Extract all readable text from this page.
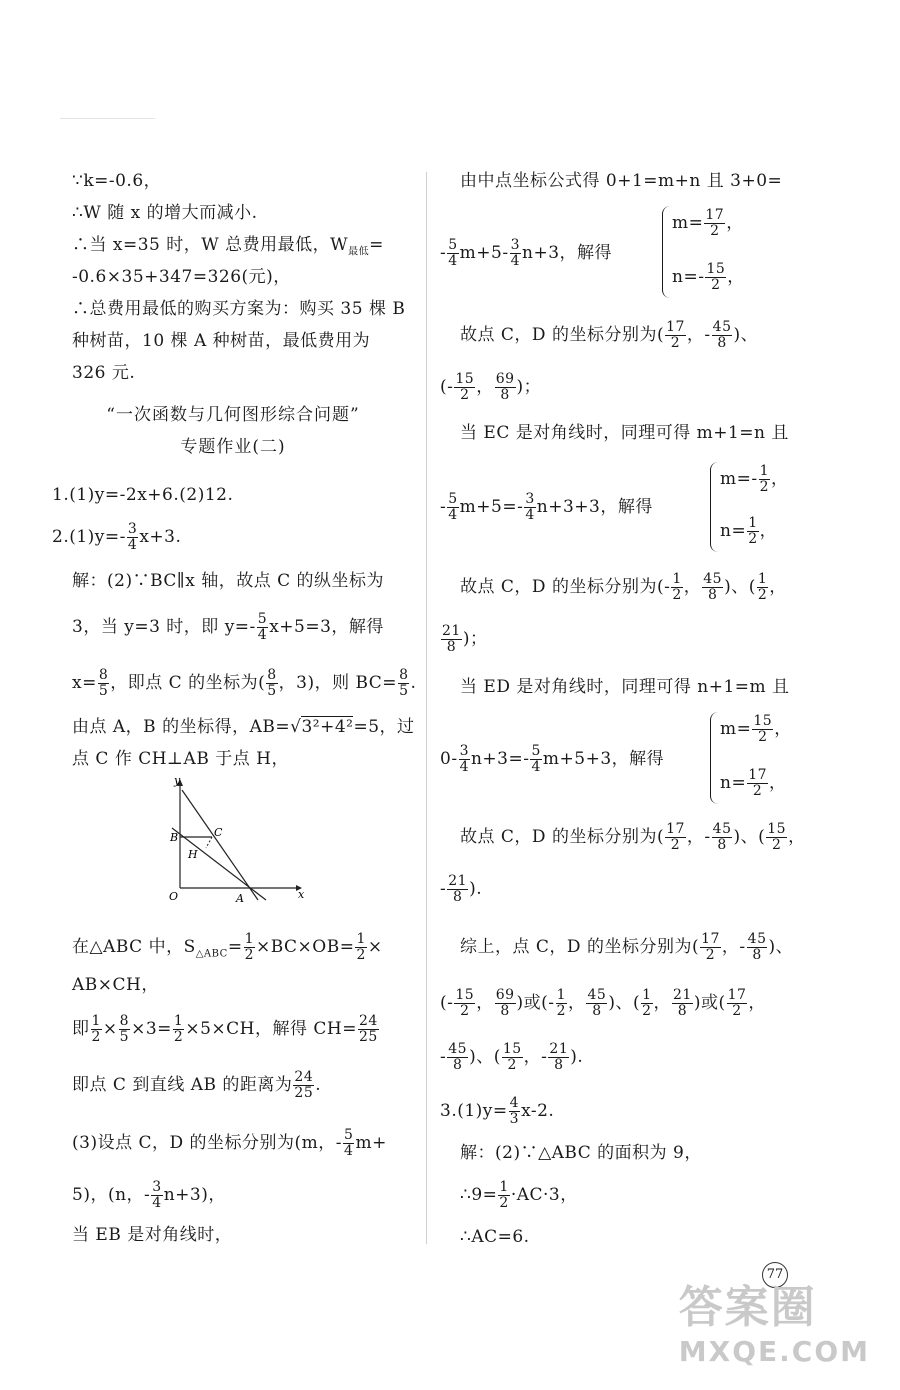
∵k=-0.6，
∴W 随 x 的增大而减小.
∴当 x=35 时，W 总费用最低，$W_{最低}=$
-0.6×35+347=326(元)，
∴总费用最低的购买方案为：购买 35 棵 B
种树苗，10 棵 A 种树苗，最低费用为
326 元.
“一次函数与几何图形综合问题”
专题作业(二)
1.(1)y=-2x+6.(2)12.
$2.(1)y=- \frac{3}{4} x+3$.
解：(2)∵BC∥x 轴，故点 C 的纵坐标为
3，当 y=3 时，即 $y=- \frac{5}{4} x+5=3$，解得
$x= \frac{8}{5}$ ，即点 C 的坐标为( $\frac{8}{5}$ ，3)，则 $BC= \frac{8}{5}$ .
由点 A，B 的坐标得，AB=√3²+4²=5，过
点 C 作 CH⊥AB 于点 H，
在△ABC 中，$S_{\triangle ABC}= \frac{1}{2} \times BC\times OB= \frac{1}{2}$ ×
AB×CH，
即 $\frac{1}{2} \times \frac{8}{5} \times 3= \frac{1}{2} \times 5\times CH$，解得 $CH= \frac{24}{25}$
即点 C 到直线 AB 的距离为 $\frac{24}{25}$ .
(3)设点 C，D 的坐标分别为(m，- $\frac{5}{4} m+$
5)，(n，- $\frac{3}{4} n+3$)，
当 EB 是对角线时，
y
x
O	A
B	C
H
由中点坐标公式得 0+1=m+n 且 3+0=
- $\frac{5}{4} m+5- \frac{3}{4} n+3$，解得
$m= \frac{17}{2}$ ，
$n=- \frac{15}{2}$ ，
故点 C，D 的坐标分别为( $\frac{17}{2}$ ，- $\frac{45}{8}$ )、
(- $\frac{15}{2}$ ， $\frac{69}{8}$ )；
当 EC 是对角线时，同理可得 m+1=n 且
- $\frac{5}{4} m+5=- \frac{3}{4} n+3+3$，解得
$m=- \frac{1}{2}$ ，
$n= \frac{1}{2}$ ，
故点 C，D 的坐标分别为(- $\frac{1}{2}$ ， $\frac{45}{8}$ )、( $\frac{1}{2}$ ，
$\frac{21}{8}$ )；
当 ED 是对角线时，同理可得 n+1=m 且
$0- \frac{3}{4} n+3=- \frac{5}{4} m+5+3$，解得
$m= \frac{15}{2}$ ，
$n= \frac{17}{2}$ ，
故点 C，D 的坐标分别为( $\frac{17}{2}$ ，- $\frac{45}{8}$ )、( $\frac{15}{2}$ ，
- $\frac{21}{8}$ ).
综上，点 C，D 的坐标分别为( $\frac{17}{2}$ ，- $\frac{45}{8}$ )、
(- $\frac{15}{2}$ ， $\frac{69}{8}$ )或(- $\frac{1}{2}$ ， $\frac{45}{8}$ )、( $\frac{1}{2}$ ， $\frac{21}{8}$ )或( $\frac{17}{2}$ ，
- $\frac{45}{8}$ )、( $\frac{15}{2}$ ，- $\frac{21}{8}$ ).
$3.(1)y= \frac{4}{3} x-2$.
解：(2)∵△ABC 的面积为 9，
∴9= $\frac{1}{2} \cdot AC\cdot 3$，
∴AC=6.
77
答案圈
MXQE.COM
